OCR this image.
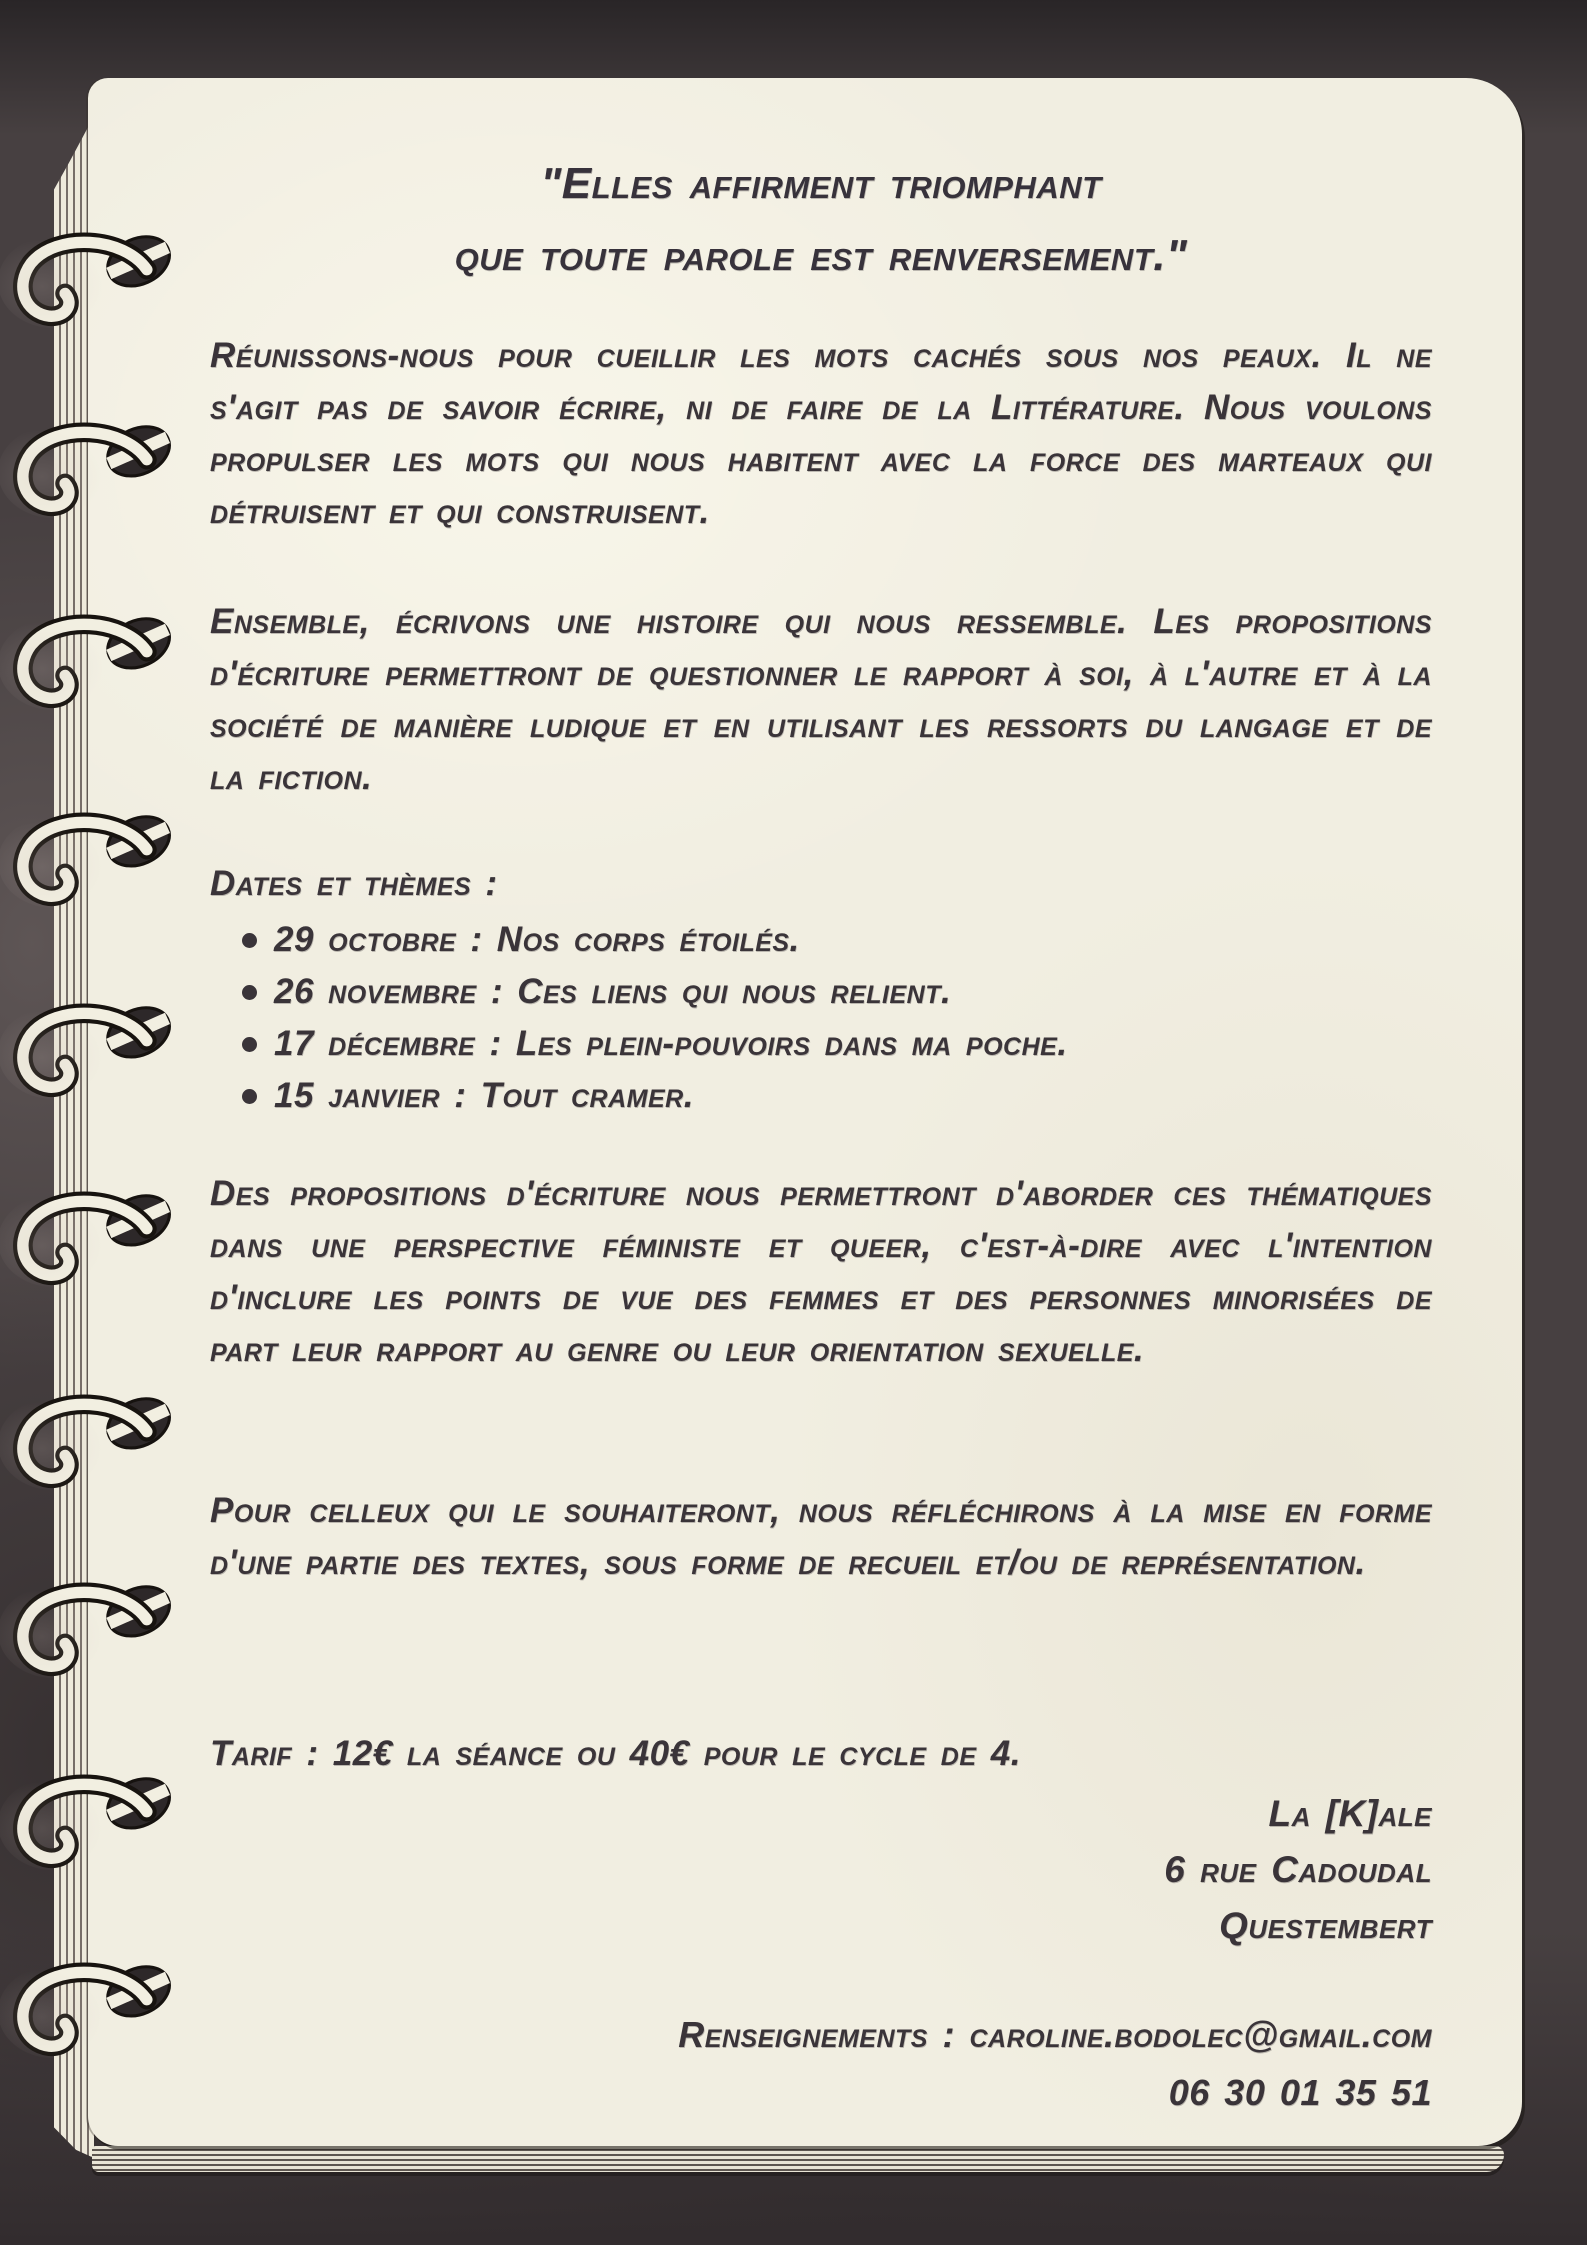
"Elles affirment triomphant
que toute parole est renversement."

Réunissons-nous pour cueillir les mots cachés sous nos peaux. Il ne s'agit pas de savoir écrire, ni de faire de la Littérature. Nous voulons propulser les mots qui nous habitent avec la force des marteaux qui détruisent et qui construisent.

Ensemble, écrivons une histoire qui nous ressemble. Les propositions d'écriture permettront de questionner le rapport à soi, à l'autre et à la société de manière ludique et en utilisant les ressorts du langage et de la fiction.

Dates et thèmes :
29 octobre : Nos corps étoilés.
26 novembre : Ces liens qui nous relient.
17 décembre : Les plein-pouvoirs dans ma poche.
15 janvier : Tout cramer.

Des propositions d'écriture nous permettront d'aborder ces thématiques dans une perspective féministe et queer, c'est-à-dire avec l'intention d'inclure les points de vue des femmes et des personnes minorisées de part leur rapport au genre ou leur orientation sexuelle.

Pour celleux qui le souhaiteront, nous réfléchirons à la mise en forme d'une partie des textes, sous forme de recueil et/ou de représentation.

Tarif : 12€ la séance ou 40€ pour le cycle de 4.

La [K]ale
6 rue Cadoudal
Questembert
Renseignements : caroline.bodolec@gmail.com
06 30 01 35 51
